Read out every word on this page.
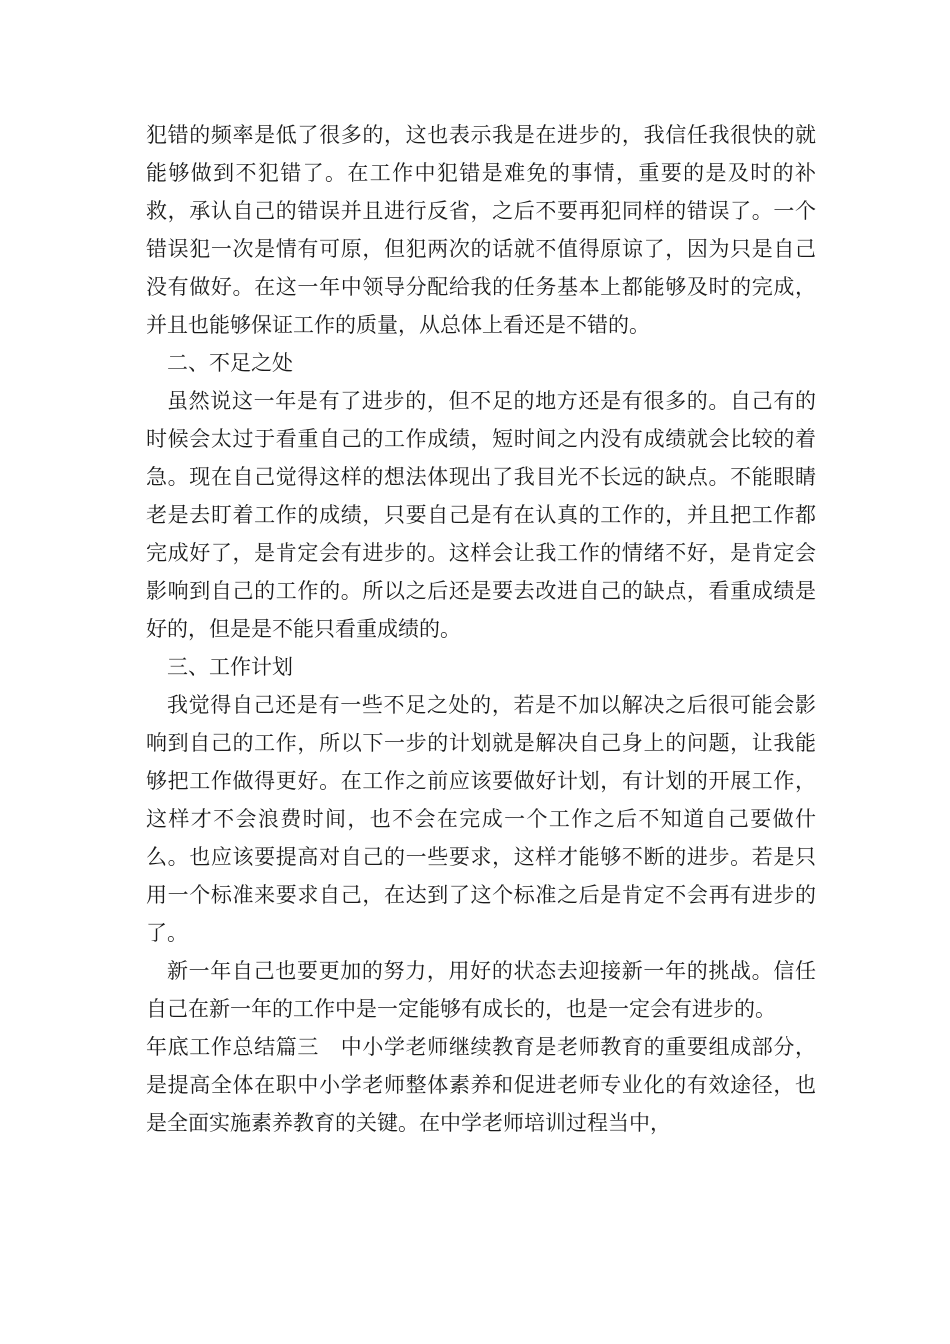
犯错的频率是低了很多的，这也表示我是在进步的，我信任我很快的就能够做到不犯错了。在工作中犯错是难免的事情，重要的是及时的补救，承认自己的错误并且进行反省，之后不要再犯同样的错误了。一个错误犯一次是情有可原，但犯两次的话就不值得原谅了，因为只是自己没有做好。在这一年中领导分配给我的任务基本上都能够及时的完成，并且也能够保证工作的质量，从总体上看还是不错的。

二、不足之处

虽然说这一年是有了进步的，但不足的地方还是有很多的。自己有的时候会太过于看重自己的工作成绩，短时间之内没有成绩就会比较的着急。现在自己觉得这样的想法体现出了我目光不长远的缺点。不能眼睛老是去盯着工作的成绩，只要自己是有在认真的工作的，并且把工作都完成好了，是肯定会有进步的。这样会让我工作的情绪不好，是肯定会影响到自己的工作的。所以之后还是要去改进自己的缺点，看重成绩是好的，但是是不能只看重成绩的。

三、工作计划

我觉得自己还是有一些不足之处的，若是不加以解决之后很可能会影响到自己的工作，所以下一步的计划就是解决自己身上的问题，让我能够把工作做得更好。在工作之前应该要做好计划，有计划的开展工作，这样才不会浪费时间，也不会在完成一个工作之后不知道自己要做什么。也应该要提高对自己的一些要求，这样才能够不断的进步。若是只用一个标准来要求自己，在达到了这个标准之后是肯定不会再有进步的了。

新一年自己也要更加的努力，用好的状态去迎接新一年的挑战。信任自己在新一年的工作中是一定能够有成长的，也是一定会有进步的。

年底工作总结篇三　中小学老师继续教育是老师教育的重要组成部分，是提高全体在职中小学老师整体素养和促进老师专业化的有效途径，也是全面实施素养教育的关键。在中学老师培训过程当中，
